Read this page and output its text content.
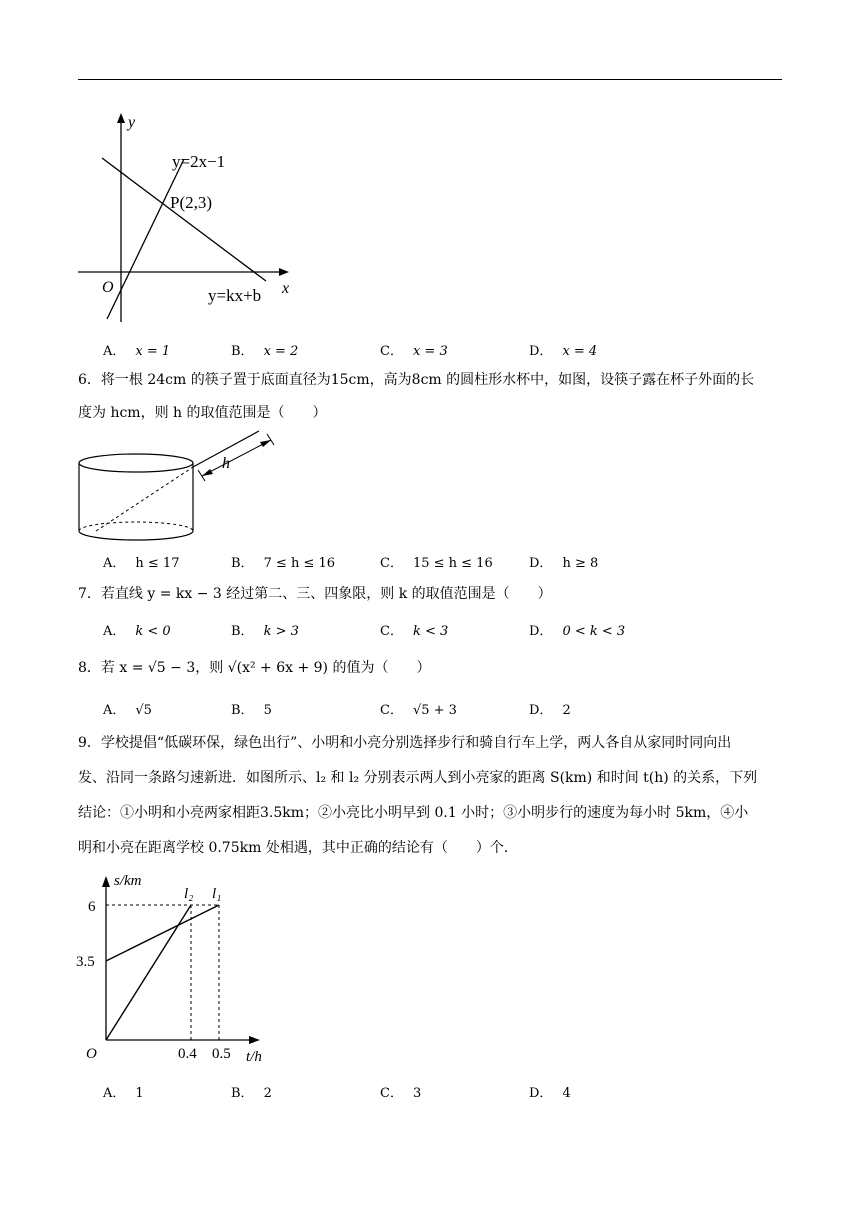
y
x
O
y=2x−1
P(2,3)
y=kx+b
A． x = 1	B． x = 2	C． x = 3	D． x = 4
6．将一根 24cm 的筷子置于底面直径为15cm，高为8cm 的圆柱形水杯中，如图，设筷子露在杯子外面的长
度为 hcm，则 h 的取值范围是（　　）
h
A． h ≤ 17	B． 7 ≤ h ≤ 16	C． 15 ≤ h ≤ 16	D． h ≥ 8
7．若直线 y = kx − 3 经过第二、三、四象限，则 k 的取值范围是（　　）
A． k < 0	B． k > 3	C． k < 3	D． 0 < k < 3
8．若 x = √5 − 3，则 √(x² + 6x + 9) 的值为（　　）
A． √5	B． 5	C． √5 + 3	D． 2
9．学校提倡“低碳环保，绿色出行”、小明和小亮分别选择步行和骑自行车上学，两人各自从家同时同向出
发、沿同一条路匀速新进．如图所示、l₂ 和 l₂ 分别表示两人到小亮家的距离 S(km) 和时间 t(h) 的关系，下列
结论：①小明和小亮两家相距3.5km；②小亮比小明早到 0.1 小时；③小明步行的速度为每小时 5km，④小
明和小亮在距离学校 0.75km 处相遇，其中正确的结论有（　　）个．
s/km
6
3.5
O	0.4 0.5 t/h
l₂ l₁
A． 1	B． 2	C． 3	D． 4
